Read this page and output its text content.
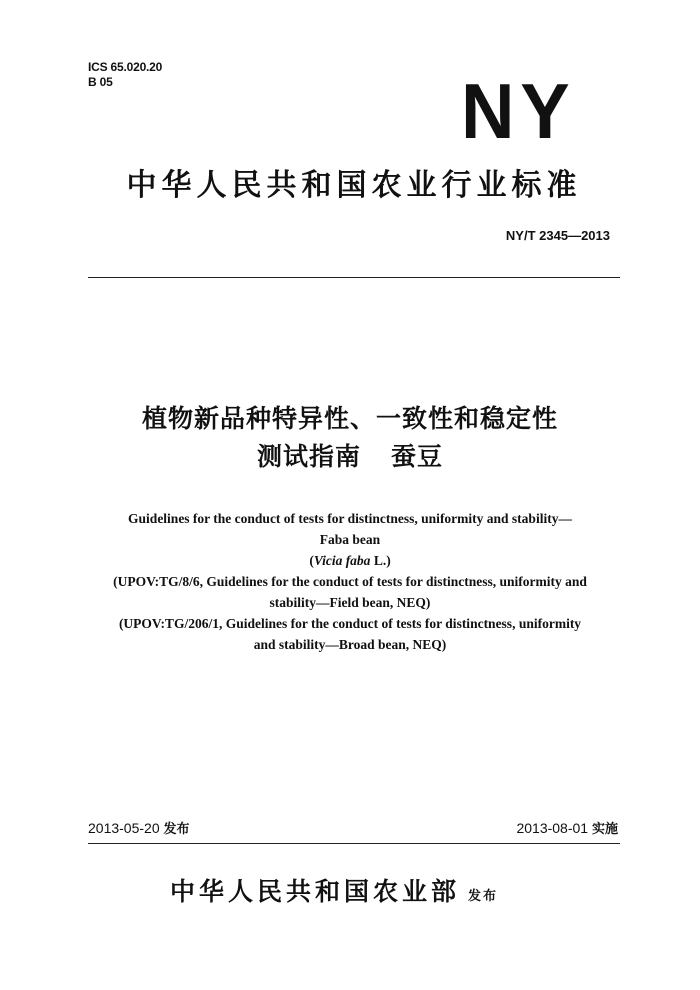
ICS 65.020.20
B 05	NY
中华人民共和国农业行业标准
NY/T 2345—2013
植物新品种特异性、一致性和稳定性
测试指南 蚕豆
Guidelines for the conduct of tests for distinctness, uniformity and stability—
Faba bean
(Vicia faba L.)
(UPOV:TG/8/6, Guidelines for the conduct of tests for distinctness, uniformity and
stability—Field bean, NEQ)
(UPOV:TG/206/1, Guidelines for the conduct of tests for distinctness, uniformity
and stability—Broad bean, NEQ)
2013-05-20 发布	2013-08-01 实施
中华人民共和国农业部 发布
